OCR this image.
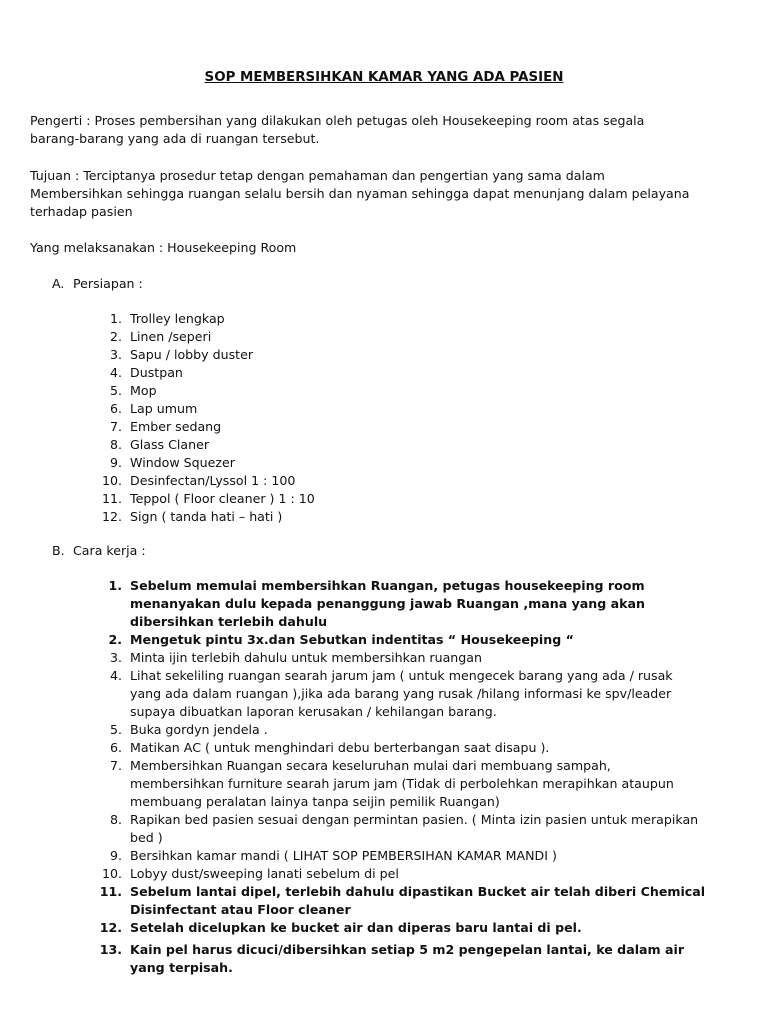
SOP MEMBERSIHKAN KAMAR YANG ADA PASIEN
Pengerti : Proses pembersihan yang dilakukan oleh petugas oleh Housekeeping room atas segala barang-barang yang ada di ruangan tersebut.
Tujuan : Terciptanya prosedur tetap dengan pemahaman dan pengertian yang sama dalam Membersihkan sehingga ruangan selalu bersih dan nyaman sehingga dapat menunjang dalam pelayana terhadap pasien
Yang melaksanakan : Housekeeping Room
A. Persiapan :
1. Trolley lengkap
2. Linen /seperi
3. Sapu / lobby duster
4. Dustpan
5. Mop
6. Lap umum
7. Ember sedang
8. Glass Claner
9. Window Squezer
10. Desinfectan/Lyssol 1 : 100
11. Teppol ( Floor cleaner ) 1 : 10
12. Sign ( tanda hati – hati )
B. Cara kerja :
1. Sebelum memulai membersihkan Ruangan, petugas housekeeping room menanyakan dulu kepada penanggung jawab Ruangan ,mana yang akan dibersihkan terlebih dahulu
2. Mengetuk pintu 3x.dan Sebutkan indentitas “ Housekeeping “
3. Minta ijin terlebih dahulu untuk membersihkan ruangan
4. Lihat sekeliling ruangan searah jarum jam ( untuk mengecek barang yang ada / rusak yang ada dalam ruangan ),jika ada barang yang rusak /hilang informasi ke spv/leader supaya dibuatkan laporan kerusakan / kehilangan barang.
5. Buka gordyn jendela .
6. Matikan AC ( untuk menghindari debu berterbangan saat disapu ).
7. Membersihkan Ruangan secara keseluruhan mulai dari membuang sampah, membersihkan furniture searah jarum jam (Tidak di perbolehkan merapihkan ataupun membuang peralatan lainya tanpa seijin pemilik Ruangan)
8. Rapikan bed pasien sesuai dengan permintan pasien. ( Minta izin pasien untuk merapikan bed )
9. Bersihkan kamar mandi ( LIHAT SOP PEMBERSIHAN KAMAR MANDI )
10. Lobyy dust/sweeping lanati sebelum di pel
11. Sebelum lantai dipel, terlebih dahulu dipastikan Bucket air telah diberi Chemical Disinfectant atau Floor cleaner
12. Setelah dicelupkan ke bucket air dan diperas baru lantai di pel.
13. Kain pel harus dicuci/dibersihkan setiap 5 m2 pengepelan lantai, ke dalam air yang terpisah.
